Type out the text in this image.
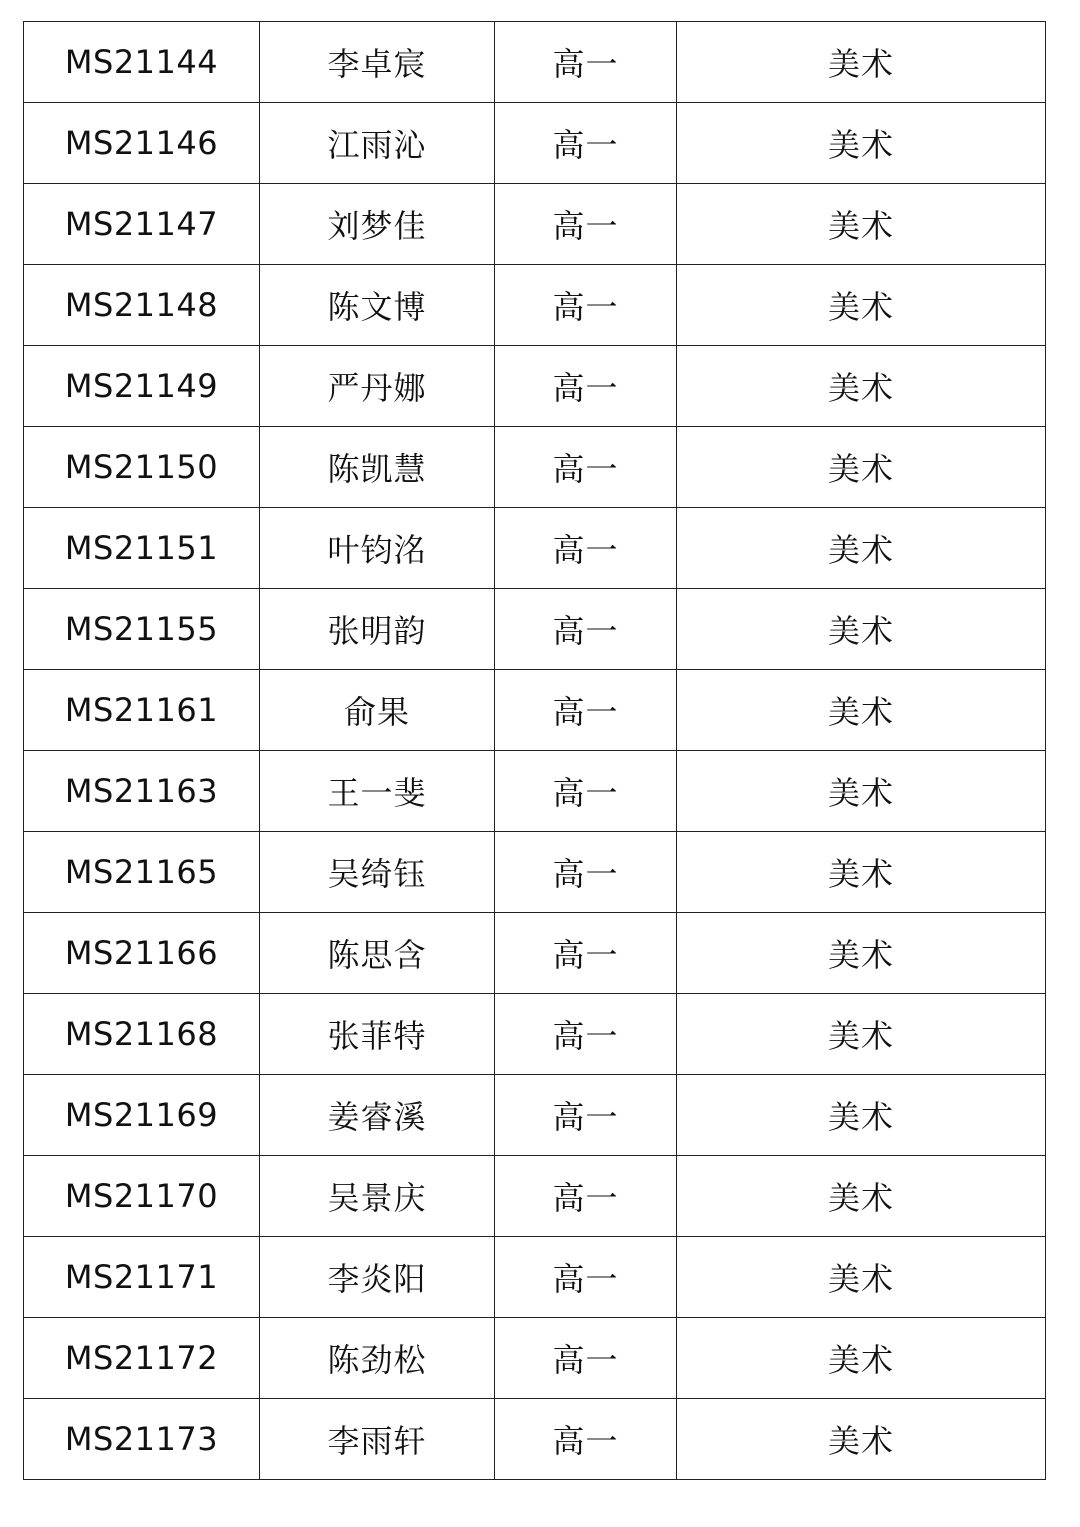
MS21144	李卓宸	高一	美术
MS21146	江雨沁	高一	美术
MS21147	刘梦佳	高一	美术
MS21148	陈文博	高一	美术
MS21149	严丹娜	高一	美术
MS21150	陈凯慧	高一	美术
MS21151	叶钧洺	高一	美术
MS21155	张明韵	高一	美术
MS21161	俞果	高一	美术
MS21163	王一斐	高一	美术
MS21165	吴绮钰	高一	美术
MS21166	陈思含	高一	美术
MS21168	张菲特	高一	美术
MS21169	姜睿溪	高一	美术
MS21170	吴景庆	高一	美术
MS21171	李炎阳	高一	美术
MS21172	陈劲松	高一	美术
MS21173	李雨轩	高一	美术
